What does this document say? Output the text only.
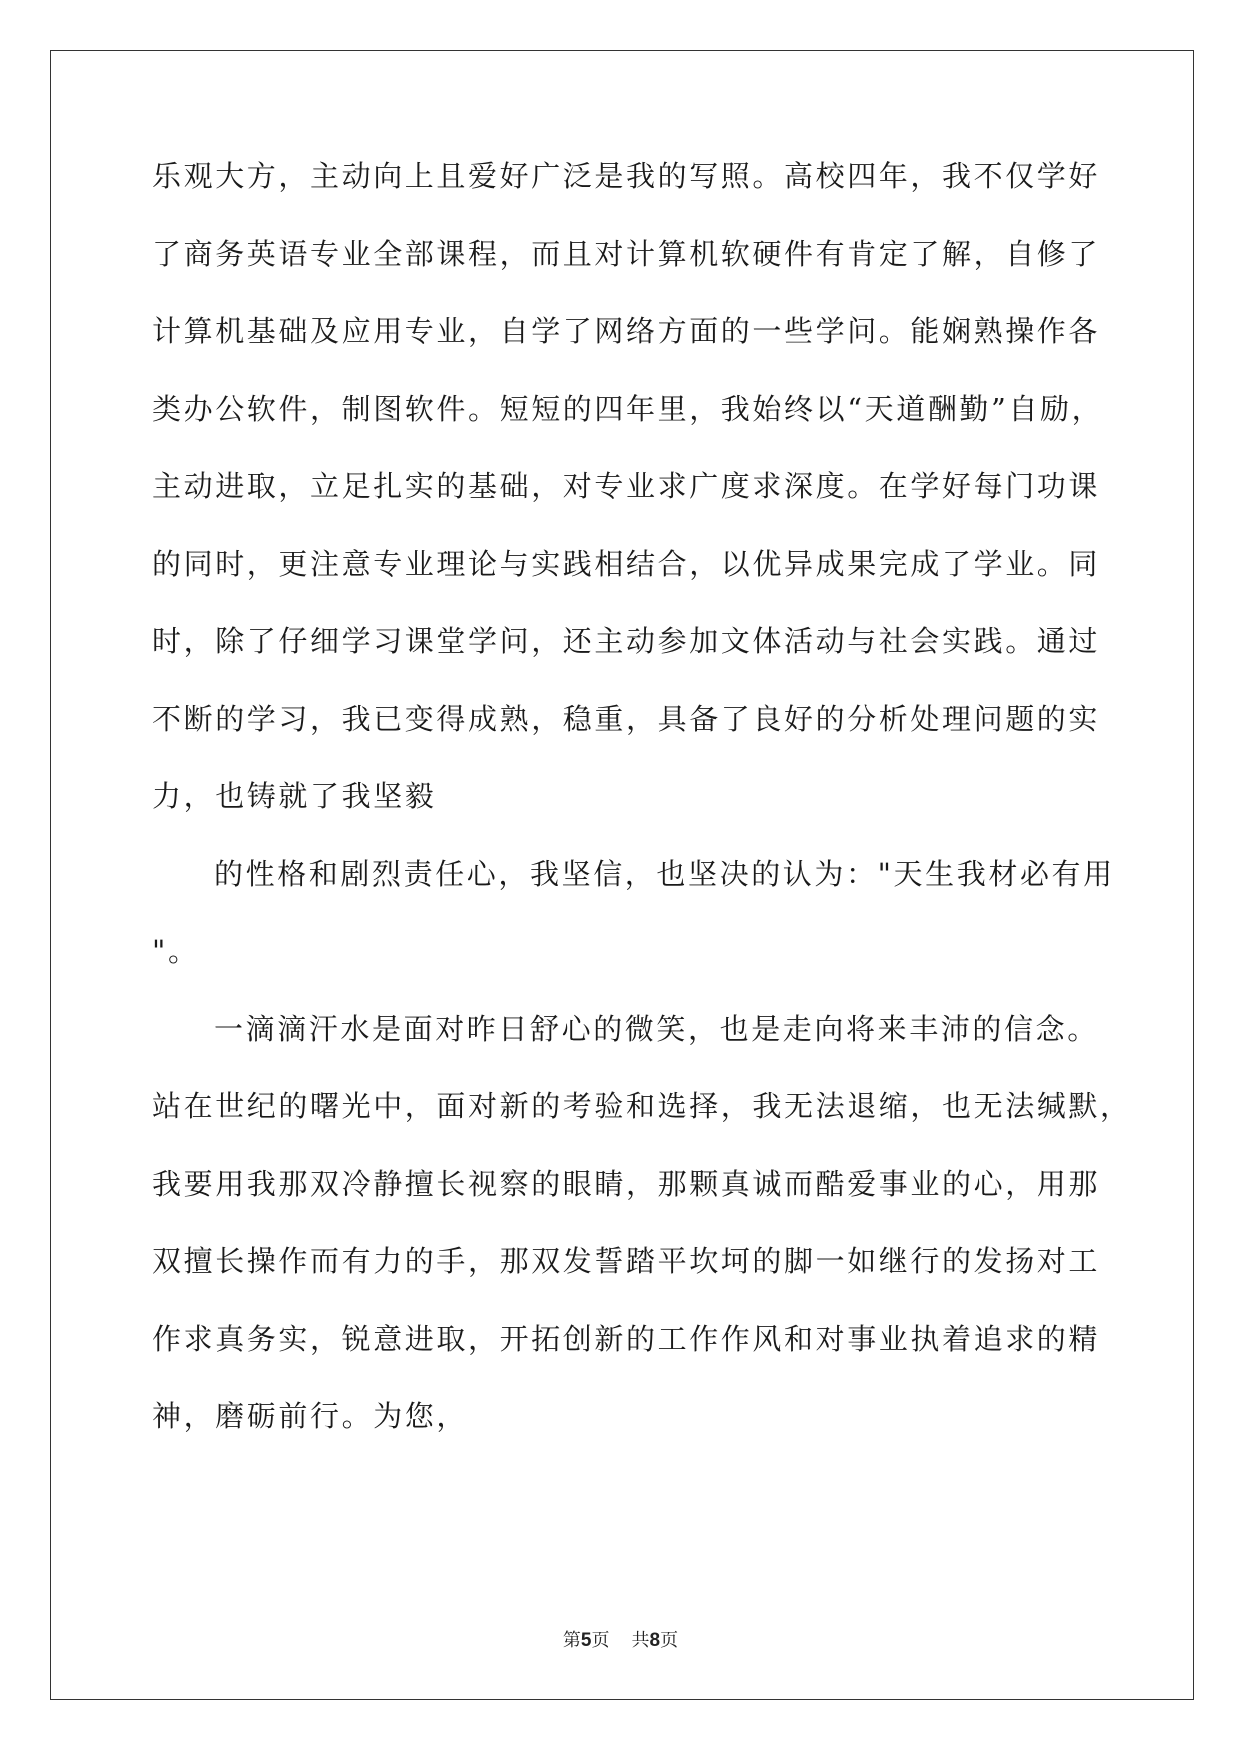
乐观大方，主动向上且爱好广泛是我的写照。高校四年，我不仅学好
了商务英语专业全部课程，而且对计算机软硬件有肯定了解，自修了
计算机基础及应用专业，自学了网络方面的一些学问。能娴熟操作各
类办公软件，制图软件。短短的四年里，我始终以“天道酬勤”自励，
主动进取，立足扎实的基础，对专业求广度求深度。在学好每门功课
的同时，更注意专业理论与实践相结合，以优异成果完成了学业。同
时，除了仔细学习课堂学问，还主动参加文体活动与社会实践。通过
不断的学习，我已变得成熟，稳重，具备了良好的分析处理问题的实
力，也铸就了我坚毅
的性格和剧烈责任心，我坚信，也坚决的认为："天生我材必有用
"。
一滴滴汗水是面对昨日舒心的微笑，也是走向将来丰沛的信念。
站在世纪的曙光中，面对新的考验和选择，我无法退缩，也无法缄默，
我要用我那双冷静擅长视察的眼睛，那颗真诚而酷爱事业的心，用那
双擅长操作而有力的手，那双发誓踏平坎坷的脚一如继行的发扬对工
作求真务实，锐意进取，开拓创新的工作作风和对事业执着追求的精
神，磨砺前行。为您，
第5页 共8页
